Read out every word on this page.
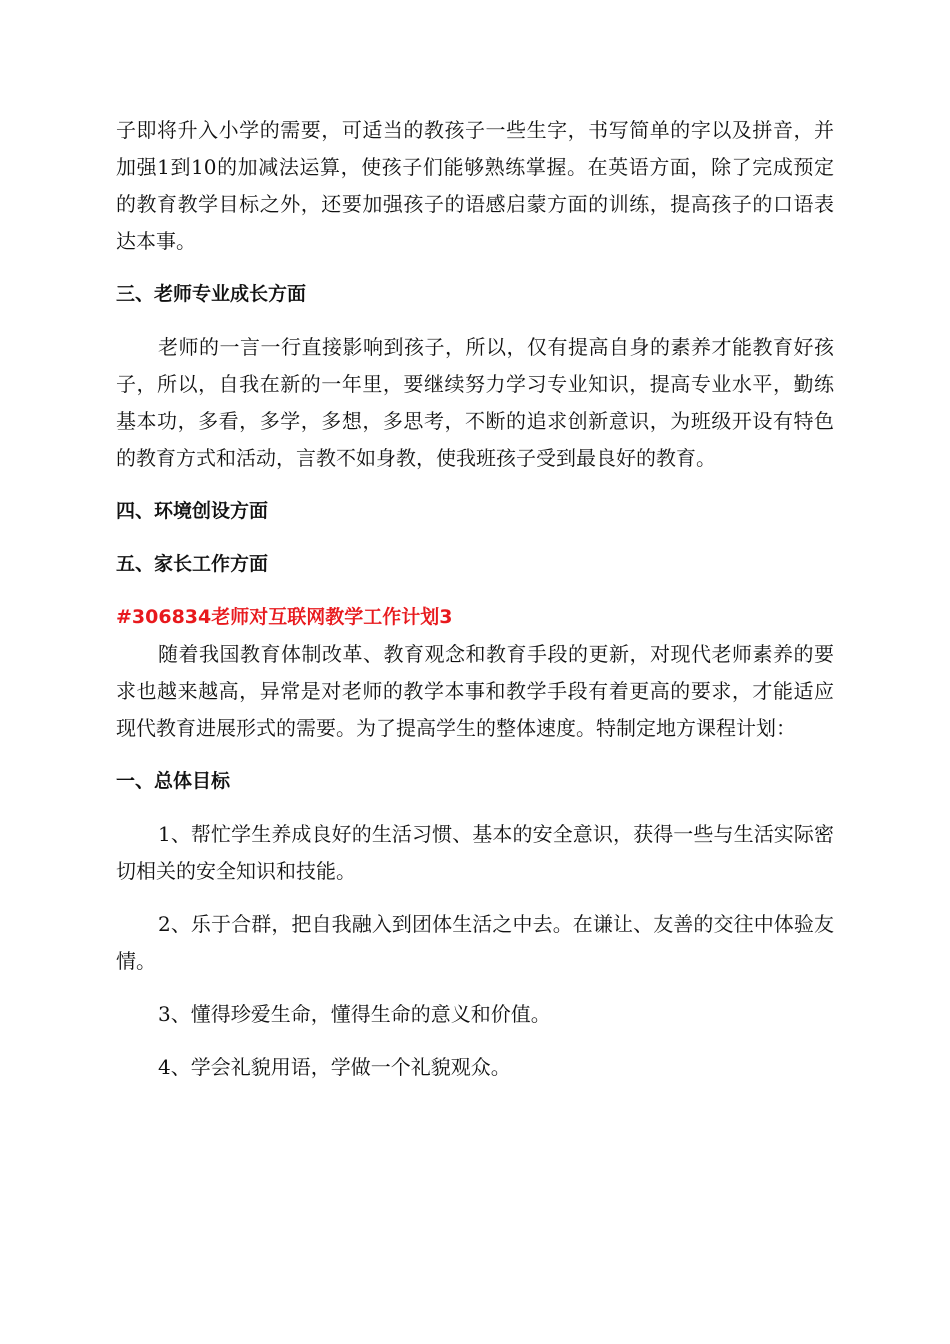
子即将升入小学的需要，可适当的教孩子一些生字，书写简单的字以及拼音，并加强1到10的加减法运算，使孩子们能够熟练掌握。在英语方面，除了完成预定的教育教学目标之外，还要加强孩子的语感启蒙方面的训练，提高孩子的口语表达本事。

三、老师专业成长方面

老师的一言一行直接影响到孩子，所以，仅有提高自身的素养才能教育好孩子，所以，自我在新的一年里，要继续努力学习专业知识，提高专业水平，勤练基本功，多看，多学，多想，多思考，不断的追求创新意识，为班级开设有特色的教育方式和活动，言教不如身教，使我班孩子受到最良好的教育。

四、环境创设方面

五、家长工作方面

#306834老师对互联网教学工作计划3

随着我国教育体制改革、教育观念和教育手段的更新，对现代老师素养的要求也越来越高，异常是对老师的教学本事和教学手段有着更高的要求，才能适应现代教育进展形式的需要。为了提高学生的整体速度。特制定地方课程计划：

一、总体目标

1、帮忙学生养成良好的生活习惯、基本的安全意识，获得一些与生活实际密切相关的安全知识和技能。

2、乐于合群，把自我融入到团体生活之中去。在谦让、友善的交往中体验友情。

3、懂得珍爱生命，懂得生命的意义和价值。

4、学会礼貌用语，学做一个礼貌观众。
